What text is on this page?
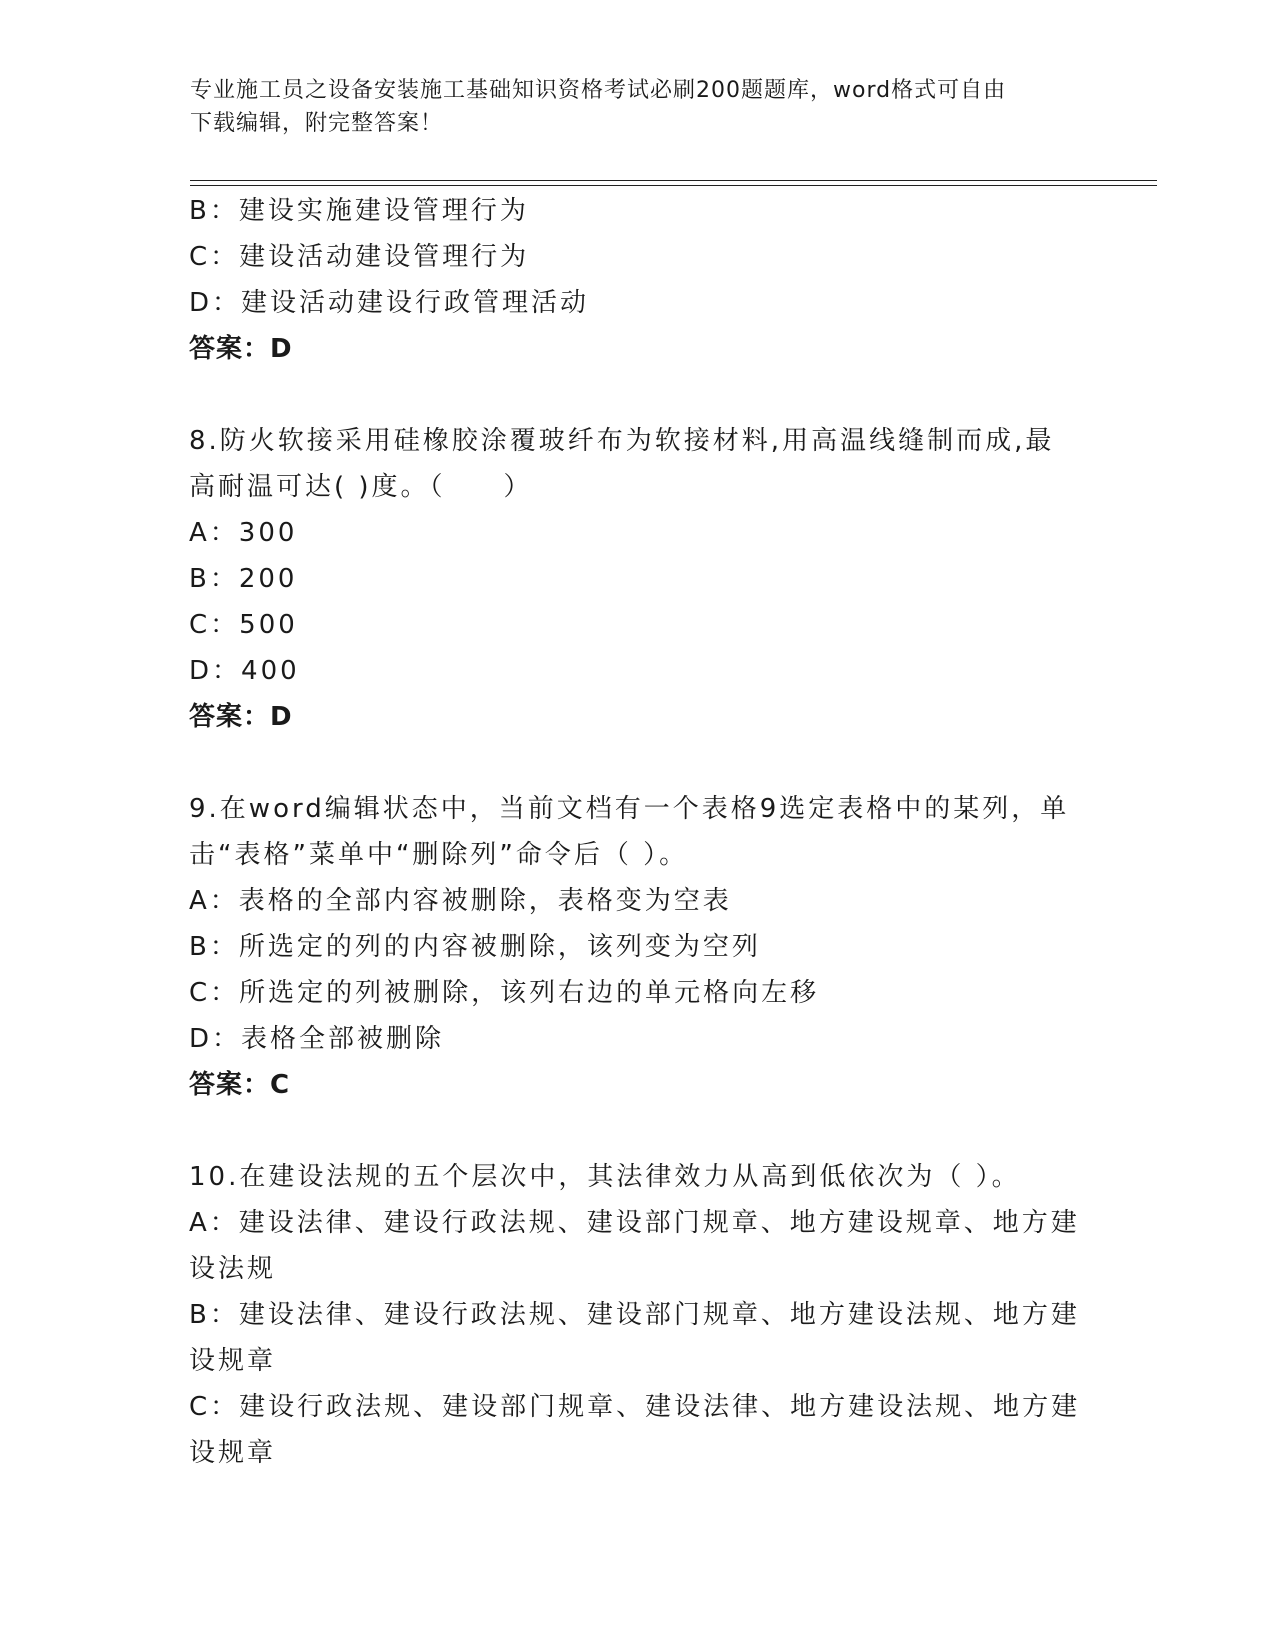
专业施工员之设备安装施工基础知识资格考试必刷200题题库，word格式可自由
下载编辑，附完整答案！
B：建设实施建设管理行为
C：建设活动建设管理行为
D：建设活动建设行政管理活动
答案：D
8.防火软接采用硅橡胶涂覆玻纤布为软接材料,用高温线缝制而成,最
高耐温可达( )度。（　　）
A：300
B：200
C：500
D：400
答案：D
9.在word编辑状态中，当前文档有一个表格9选定表格中的某列，单
击“表格”菜单中“删除列”命令后（ ）。
A：表格的全部内容被删除，表格变为空表
B：所选定的列的内容被删除，该列变为空列
C：所选定的列被删除，该列右边的单元格向左移
D：表格全部被删除
答案：C
10.在建设法规的五个层次中，其法律效力从高到低依次为（ ）。
A：建设法律、建设行政法规、建设部门规章、地方建设规章、地方建
设法规
B：建设法律、建设行政法规、建设部门规章、地方建设法规、地方建
设规章
C：建设行政法规、建设部门规章、建设法律、地方建设法规、地方建
设规章
